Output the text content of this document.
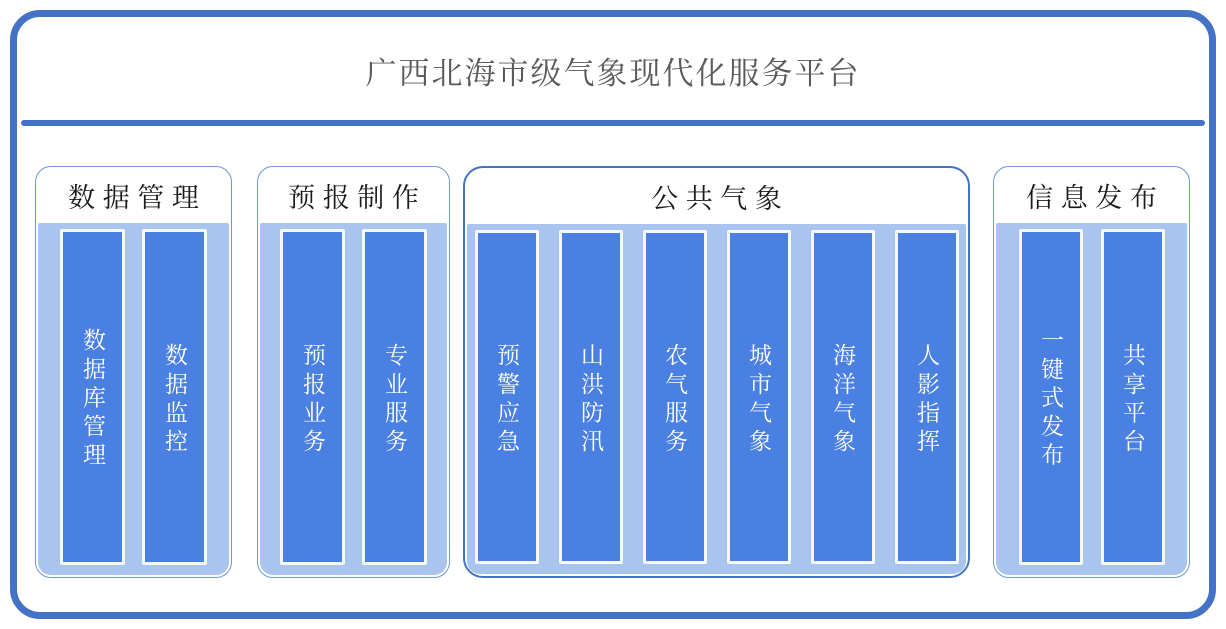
广西北海市级气象现代化服务平台
数据管理
数据库管理 数据监控
预报制作
预报业务 专业服务
公共气象
预警应急	山洪防汛	农气服务	城市气象	海洋气象	人影指挥
信息发布
一键式发布 共享平台
